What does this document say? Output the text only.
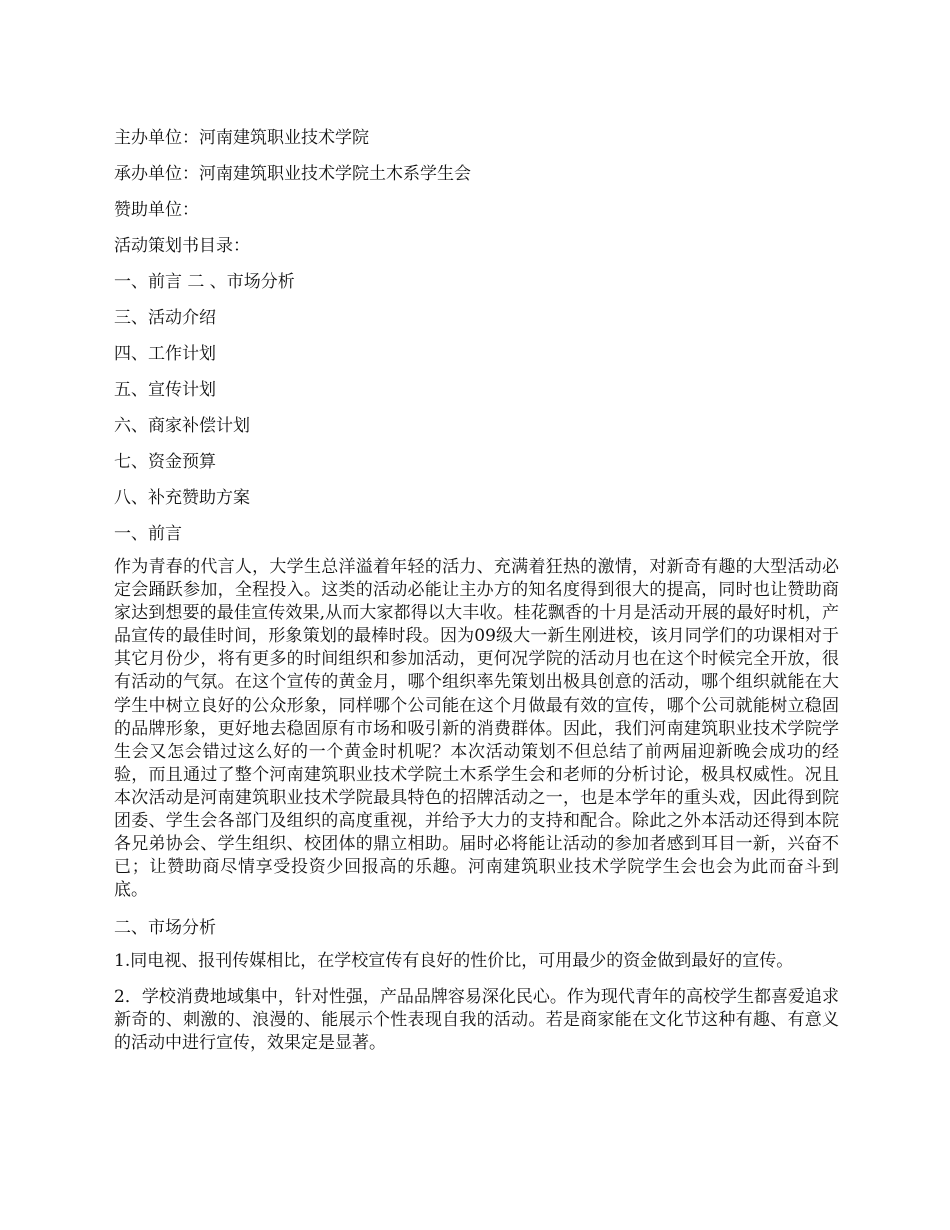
主办单位：河南建筑职业技术学院

承办单位：河南建筑职业技术学院土木系学生会

赞助单位：

活动策划书目录：

一、前言 二 、市场分析

三、活动介绍

四、工作计划

五、宣传计划

六、商家补偿计划

七、资金预算

八、补充赞助方案

一、前言

作为青春的代言人，大学生总洋溢着年轻的活力、充满着狂热的激情，对新奇有趣的大型活动必定会踊跃参加，全程投入。这类的活动必能让主办方的知名度得到很大的提高，同时也让赞助商家达到想要的最佳宣传效果,从而大家都得以大丰收。桂花飘香的十月是活动开展的最好时机，产品宣传的最佳时间，形象策划的最棒时段。因为09级大一新生刚进校，该月同学们的功课相对于其它月份少，将有更多的时间组织和参加活动，更何况学院的活动月也在这个时候完全开放，很有活动的气氛。在这个宣传的黄金月，哪个组织率先策划出极具创意的活动，哪个组织就能在大学生中树立良好的公众形象，同样哪个公司能在这个月做最有效的宣传，哪个公司就能树立稳固的品牌形象，更好地去稳固原有市场和吸引新的消费群体。因此，我们河南建筑职业技术学院学生会又怎会错过这么好的一个黄金时机呢？本次活动策划不但总结了前两届迎新晚会成功的经验，而且通过了整个河南建筑职业技术学院土木系学生会和老师的分析讨论，极具权威性。况且本次活动是河南建筑职业技术学院最具特色的招牌活动之一，也是本学年的重头戏，因此得到院团委、学生会各部门及组织的高度重视，并给予大力的支持和配合。除此之外本活动还得到本院各兄弟协会、学生组织、校团体的鼎立相助。届时必将能让活动的参加者感到耳目一新，兴奋不已；让赞助商尽情享受投资少回报高的乐趣。河南建筑职业技术学院学生会也会为此而奋斗到底。

二、市场分析

1.同电视、报刊传媒相比，在学校宣传有良好的性价比，可用最少的资金做到最好的宣传。

2．学校消费地域集中，针对性强，产品品牌容易深化民心。作为现代青年的高校学生都喜爱追求新奇的、刺激的、浪漫的、能展示个性表现自我的活动。若是商家能在文化节这种有趣、有意义的活动中进行宣传，效果定是显著。
